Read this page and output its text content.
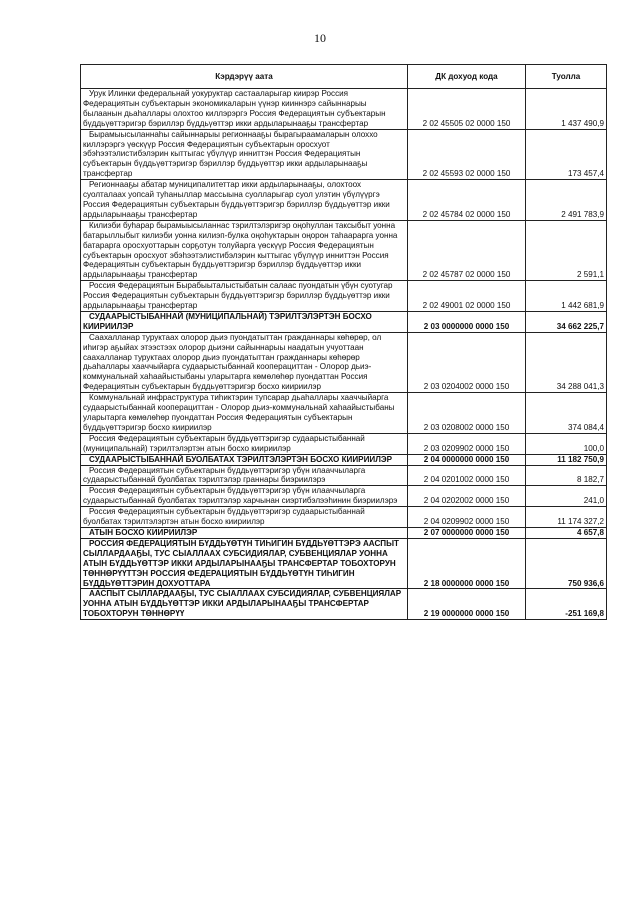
10
Кэрдэрүү аата	ДК дохуод кода	Туолла
Урук Илинки федеральнай уокуруктар састааларыгар киирэр Россия Федерациятын субъектарын экономикаларын үүнэр кииннэрэ сайыннарыы былаанын дьаһаллары олохтоо киллэрэргэ Россия Федерациятын субъектарын бүддьүөттэригэр бэриллэр бүддьүөттэр икки ардыларынааҕы трансфертар	2 02 45505 02 0000 150	1 437 490,9
Бырамыысыланнаһы сайыннарыы регионнааҕы бырагыраамаларын олоххо киллэрэргэ үөскүүр Россия Федерациятын субъектарын оросхуот эбэһээтэлистибэлэрин кыттыгас үбүлүүр инниттэн Россия Федерациятын субъектарын бүддьүөттэригэр бэриллэр бүддьүөттэр икки ардыларынааҕы трансфертар	2 02 45593 02 0000 150	173 457,4
Регионнааҕы абатар муниципалитеттар икки ардыларынааҕы, олохтоох суолталаах уопсай туһаныллар массыына суолларыгар суол улэтин үбүлүүргэ Россия Федерациятын субъектарын бүддьүөттэригэр бэриллэр бүддьүөттэр икки ардыларынааҕы трансфертар	2 02 45784 02 0000 150	2 491 783,9
Килиэби буһарар бырамыысыланнас тэрилтэлэригэр оңоһуллан таксыбыт уонна батарыллыбыт килиэби уонна килиэп-булка оңоһуктарын оңорон таһаарарга уонна батарарга оросхуоттарын сорҕотун толуйарга үөскүүр Россия Федерациятын субъектарын оросхуот эбэһээтэлистибэлэрин кыттыгас үбүлүүр инниттэн Россия Федерациятын субъектарын бүддьүөттэригэр бэриллэр бүддьүөттэр икки ардыларынааҕы трансфертар	2 02 45787 02 0000 150	2 591,1
Россия Федерациятын Бырабыыталыстыбатын салаас пуондатын үбүн суотугар Россия Федерациятын субъектарын бүддьүөттэригэр бэриллэр бүддьүөттэр икки ардыларынааҕы трансфертар	2 02 49001 02 0000 150	1 442 681,9
СУДААРЫСТЫБАННАЙ (МУНИЦИПАЛЬНАЙ) ТЭРИЛТЭЛЭРТЭН БОСХО КИИРИИЛЭР	2 03 0000000 0000 150	34 662 225,7
Саахалланар туруктаах олорор дьиэ пуондатыттан гражданнары көһөрөр, ол иһигэр аҕыйах этээстээх олорор дьиэни сайыннарыы наадатын учуоттаан саахалланар туруктаах олорор дьиэ пуондатыттан гражданнары көһөрөр дьаһаллары хааччыйарга судаарыстыбаннай кооперациттан - Олорор дьиэ-коммунальнай хаһаайыстыбаны уларытарга көмөлөһөр пуондаттан Россия Федерациятын субъектарын бүддьүөттэригэр босхо киириилэр	2 03 0204002 0000 150	34 288 041,3
Коммунальнай инфраструктура тиһиктэрин тупсарар дьаһаллары хааччыйарга судаарыстыбаннай кооперациттан - Олорор дьиэ-коммунальнай хаһаайыстыбаны уларытарга көмөлөһөр пуондаттан Россия Федерациятын субъектарын бүддьүөттэригэр босхо киириилэр	2 03 0208002 0000 150	374 084,4
Россия Федерациятын субъектарын бүддьүөттэригэр судаарыстыбаннай (муниципальнай) тэрилтэлэртэн атын босхо киириилэр	2 03 0209902 0000 150	100,0
СУДААРЫСТЫБАННАЙ БУОЛБАТАХ ТЭРИЛТЭЛЭРТЭН БОСХО КИИРИИЛЭР	2 04 0000000 0000 150	11 182 750,9
Россия Федерациятын субъектарын бүддьүөттэригэр үбүн илааччыларга судаарыстыбаннай буолбатах тэрилтэлэр граннары биэриилэрэ	2 04 0201002 0000 150	8 182,7
Россия Федерациятын субъектарын бүддьүөттэригэр үбүн илааччыларга судаарыстыбаннай буолбатах тэрилтэлэр харчынан сиэртибэлээһинин биэриилэрэ	2 04 0202002 0000 150	241,0
Россия Федерациятын субъектарын бүддьүөттэригэр судаарыстыбаннай буолбатах тэрилтэлэртэн атын босхо киириилэр	2 04 0209902 0000 150	11 174 327,2
АТЫН БОСХО КИИРИИЛЭР	2 07 0000000 0000 150	4 657,8
РОССИЯ ФЕДЕРАЦИЯТЫН БҮДДЬҮӨТҮН ТИҺИГИН БҮДДЬҮӨТТЭРЭ ААСПЫТ СЫЛЛАРДААҔЫ, ТУС СЫАЛЛААХ СУБСИДИЯЛАР, СУБВЕНЦИЯЛАР УОННА АТЫН БҮДДЬҮӨТТЭР ИККИ АРДЫЛАРЫНААҔЫ ТРАНСФЕРТАР ТОБОХТОРУН ТӨННӨРҮҮТТЭН РОССИЯ ФЕДЕРАЦИЯТЫН БҮДДЬҮӨТҮН ТИҺИГИН БҮДДЬҮӨТТЭРИН ДОХУОТТАРА	2 18 0000000 0000 150	750 936,6
ААСПЫТ СЫЛЛАРДААҔЫ, ТУС СЫАЛЛААХ СУБСИДИЯЛАР, СУБВЕНЦИЯЛАР УОННА АТЫН БҮДДЬҮӨТТЭР ИККИ АРДЫЛАРЫНААҔЫ ТРАНСФЕРТАР ТОБОХТОРУН ТӨННӨРҮҮ	2 19 0000000 0000 150	-251 169,8
